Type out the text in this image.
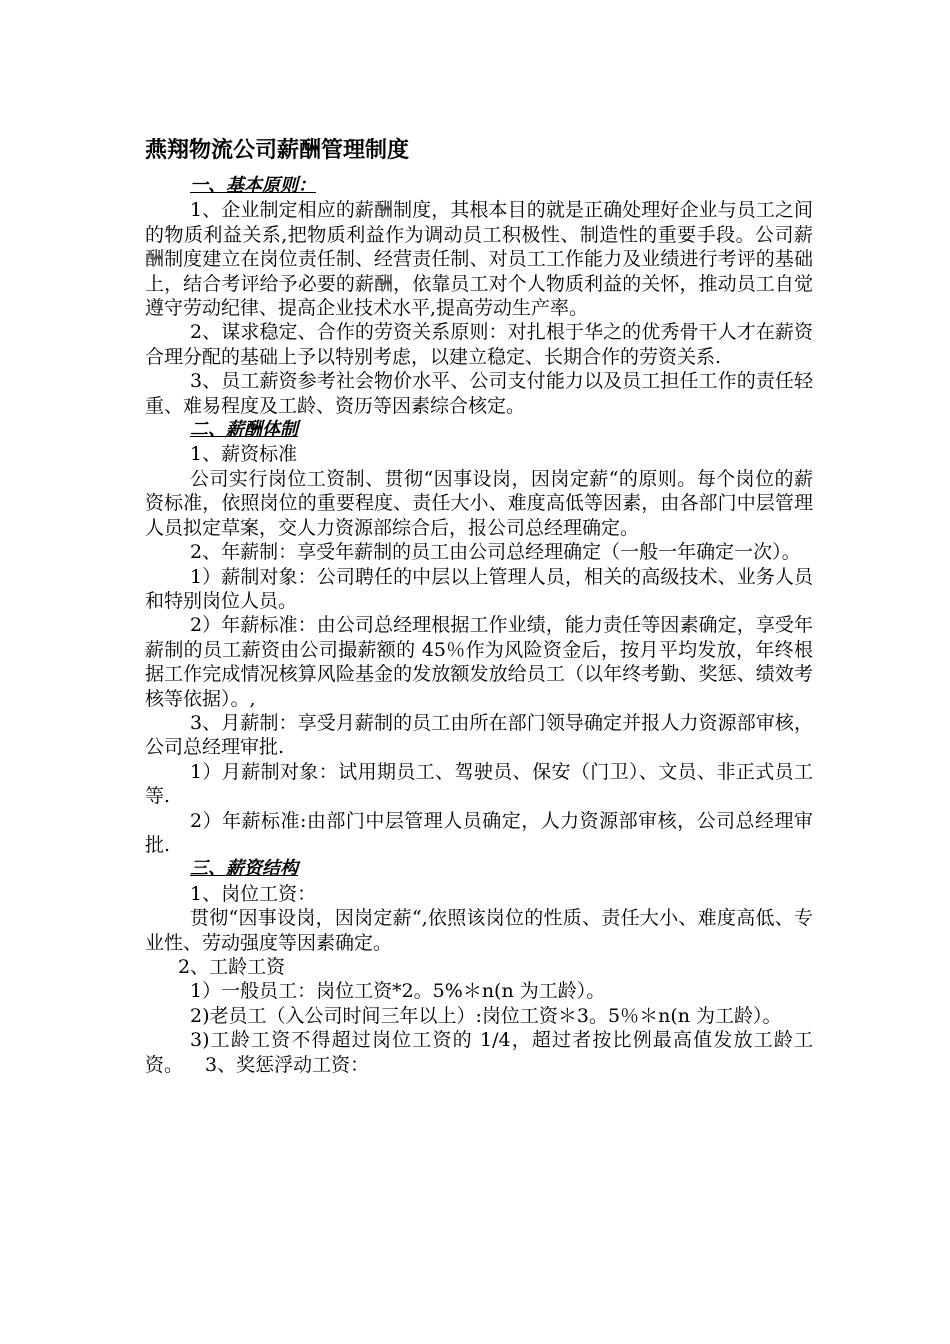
燕翔物流公司薪酬管理制度

一、基本原则：

1、企业制定相应的薪酬制度，其根本目的就是正确处理好企业与员工之间的物质利益关系,把物质利益作为调动员工积极性、制造性的重要手段。公司薪酬制度建立在岗位责任制、经营责任制、对员工工作能力及业绩进行考评的基础上，结合考评给予必要的薪酬，依靠员工对个人物质利益的关怀，推动员工自觉遵守劳动纪律、提高企业技术水平,提高劳动生产率。

2、谋求稳定、合作的劳资关系原则：对扎根于华之的优秀骨干人才在薪资合理分配的基础上予以特别考虑，以建立稳定、长期合作的劳资关系.

3、员工薪资参考社会物价水平、公司支付能力以及员工担任工作的责任轻重、难易程度及工龄、资历等因素综合核定。

二、薪酬体制

1、薪资标准

公司实行岗位工资制、贯彻“因事设岗，因岗定薪“的原则。每个岗位的薪资标准，依照岗位的重要程度、责任大小、难度高低等因素，由各部门中层管理人员拟定草案，交人力资源部综合后，报公司总经理确定。

2、年薪制：享受年薪制的员工由公司总经理确定（一般一年确定一次）。

1）薪制对象：公司聘任的中层以上管理人员，相关的高级技术、业务人员和特别岗位人员。

2）年薪标准：由公司总经理根据工作业绩，能力责任等因素确定，享受年薪制的员工薪资由公司撮薪额的 45％作为风险资金后，按月平均发放，年终根据工作完成情况核算风险基金的发放额发放给员工（以年终考勤、奖惩、绩效考核等依据）。,

3、月薪制：享受月薪制的员工由所在部门领导确定并报人力资源部审核，公司总经理审批.

1）月薪制对象：试用期员工、驾驶员、保安（门卫）、文员、非正式员工等.

2）年薪标准:由部门中层管理人员确定，人力资源部审核，公司总经理审批.

三、薪资结构

1、岗位工资：

贯彻“因事设岗，因岗定薪“,依照该岗位的性质、责任大小、难度高低、专业性、劳动强度等因素确定。

2、工龄工资

1）一般员工：岗位工资*2。5%＊n(n 为工龄）。

2)老员工（入公司时间三年以上）:岗位工资＊3。5％＊n(n 为工龄）。

3)工龄工资不得超过岗位工资的 1/4，超过者按比例最高值发放工龄工资。 3、奖惩浮动工资：
